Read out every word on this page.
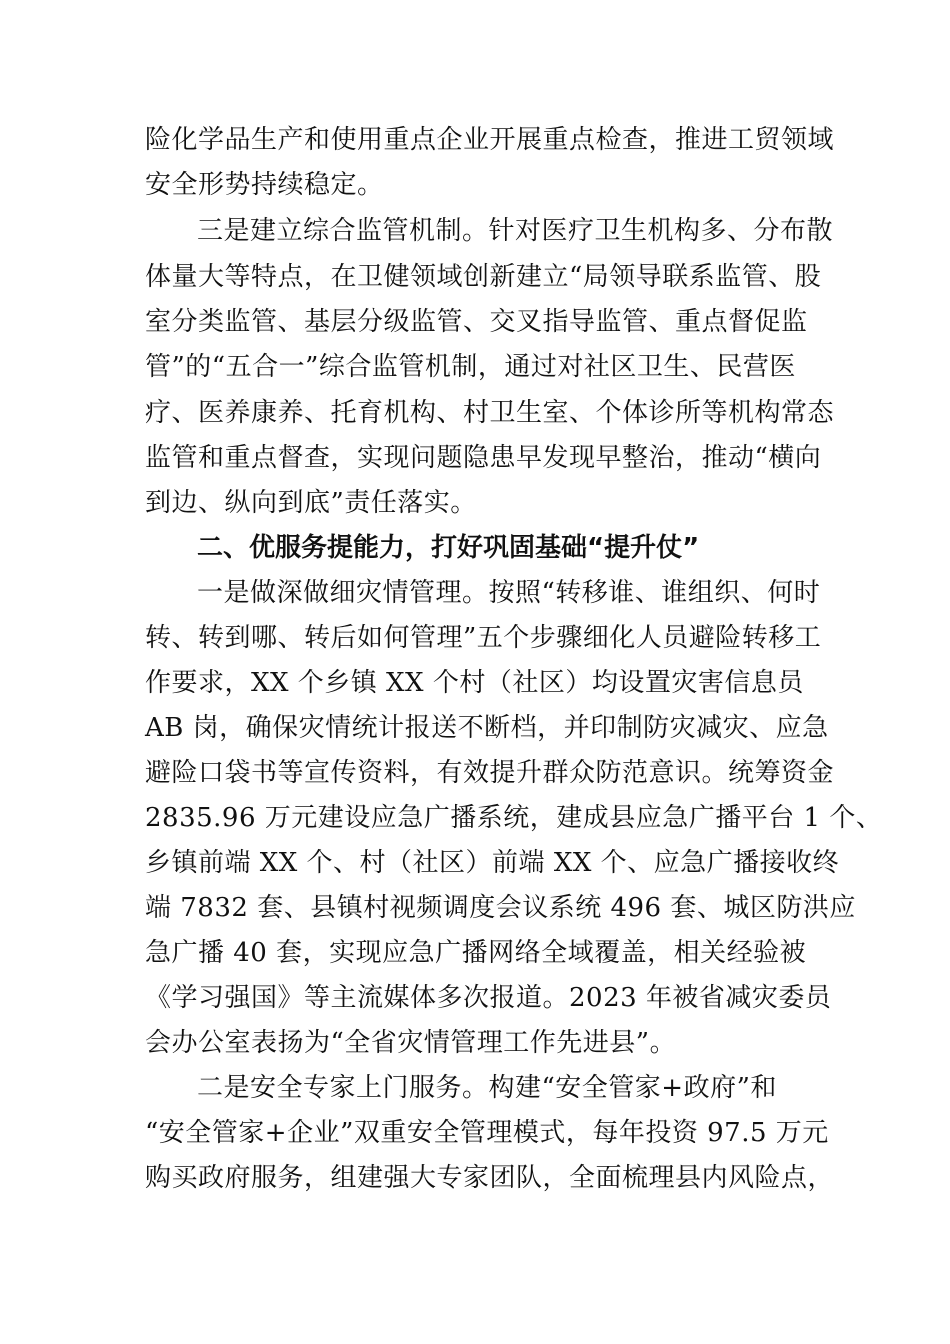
险化学品生产和使用重点企业开展重点检查，推进工贸领域
安全形势持续稳定。
三是建立综合监管机制。针对医疗卫生机构多、分布散
体量大等特点，在卫健领域创新建立“局领导联系监管、股
室分类监管、基层分级监管、交叉指导监管、重点督促监
管”的“五合一”综合监管机制，通过对社区卫生、民营医
疗、医养康养、托育机构、村卫生室、个体诊所等机构常态
监管和重点督查，实现问题隐患早发现早整治，推动“横向
到边、纵向到底”责任落实。
二、优服务提能力，打好巩固基础“提升仗”
一是做深做细灾情管理。按照“转移谁、谁组织、何时
转、转到哪、转后如何管理”五个步骤细化人员避险转移工
作要求，XX 个乡镇 XX 个村（社区）均设置灾害信息员
AB 岗，确保灾情统计报送不断档，并印制防灾减灾、应急
避险口袋书等宣传资料，有效提升群众防范意识。统筹资金
2835.96 万元建设应急广播系统，建成县应急广播平台 1 个、
乡镇前端 XX 个、村（社区）前端 XX 个、应急广播接收终
端 7832 套、县镇村视频调度会议系统 496 套、城区防洪应
急广播 40 套，实现应急广播网络全域覆盖，相关经验被
《学习强国》等主流媒体多次报道。2023 年被省减灾委员
会办公室表扬为“全省灾情管理工作先进县”。
二是安全专家上门服务。构建“安全管家+政府”和
“安全管家+企业”双重安全管理模式，每年投资 97.5 万元
购买政府服务，组建强大专家团队，全面梳理县内风险点，
